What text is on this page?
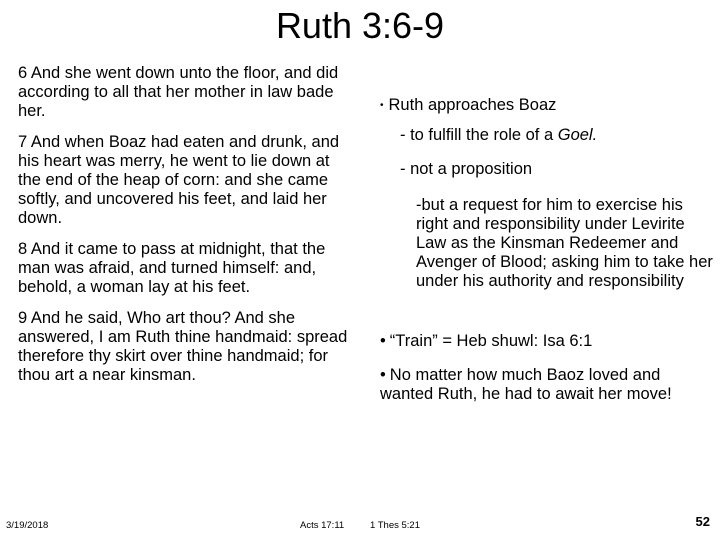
Ruth 3:6-9

6 And she went down unto the floor, and did according to all that her mother in law bade her.

7 And when Boaz had eaten and drunk, and his heart was merry, he went to lie down at the end of the heap of corn: and she came softly, and uncovered his feet, and laid her down.

8 And it came to pass at midnight, that the man was afraid, and turned himself: and, behold, a woman lay at his feet.

9 And he said, Who art thou? And she answered, I am Ruth thine handmaid: spread therefore thy skirt over thine handmaid; for thou art a near kinsman.

• Ruth approaches Boaz

- to fulfill the role of a Goel.

- not a proposition

-but a request for him to exercise his right and responsibility under Levirite Law as the Kinsman Redeemer and Avenger of Blood; asking him to take her under his authority and responsibility

• “Train” = Heb shuwl: Isa 6:1

• No matter how much Baoz loved and wanted Ruth, he had to await her move!

3/19/2018	Acts 17:11	1 Thes 5:21	52
